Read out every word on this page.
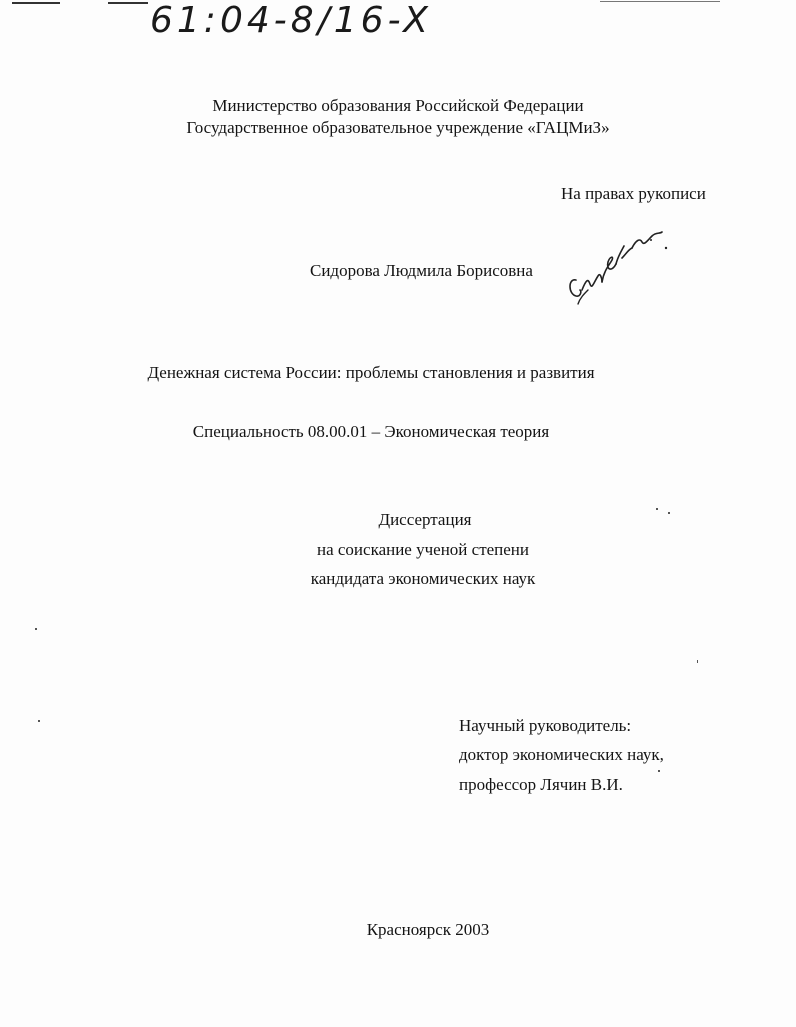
61:04-8/16-X
Министерство образования Российской Федерации
Государственное образовательное учреждение «ГАЦМиЗ»
На правах рукописи
Сидорова Людмила Борисовна
Денежная система России: проблемы становления и развития
Специальность 08.00.01 – Экономическая теория
Диссертация
на соискание ученой степени
кандидата экономических наук
Научный руководитель:
доктор экономических наук,
профессор Лячин В.И.
Красноярск 2003
